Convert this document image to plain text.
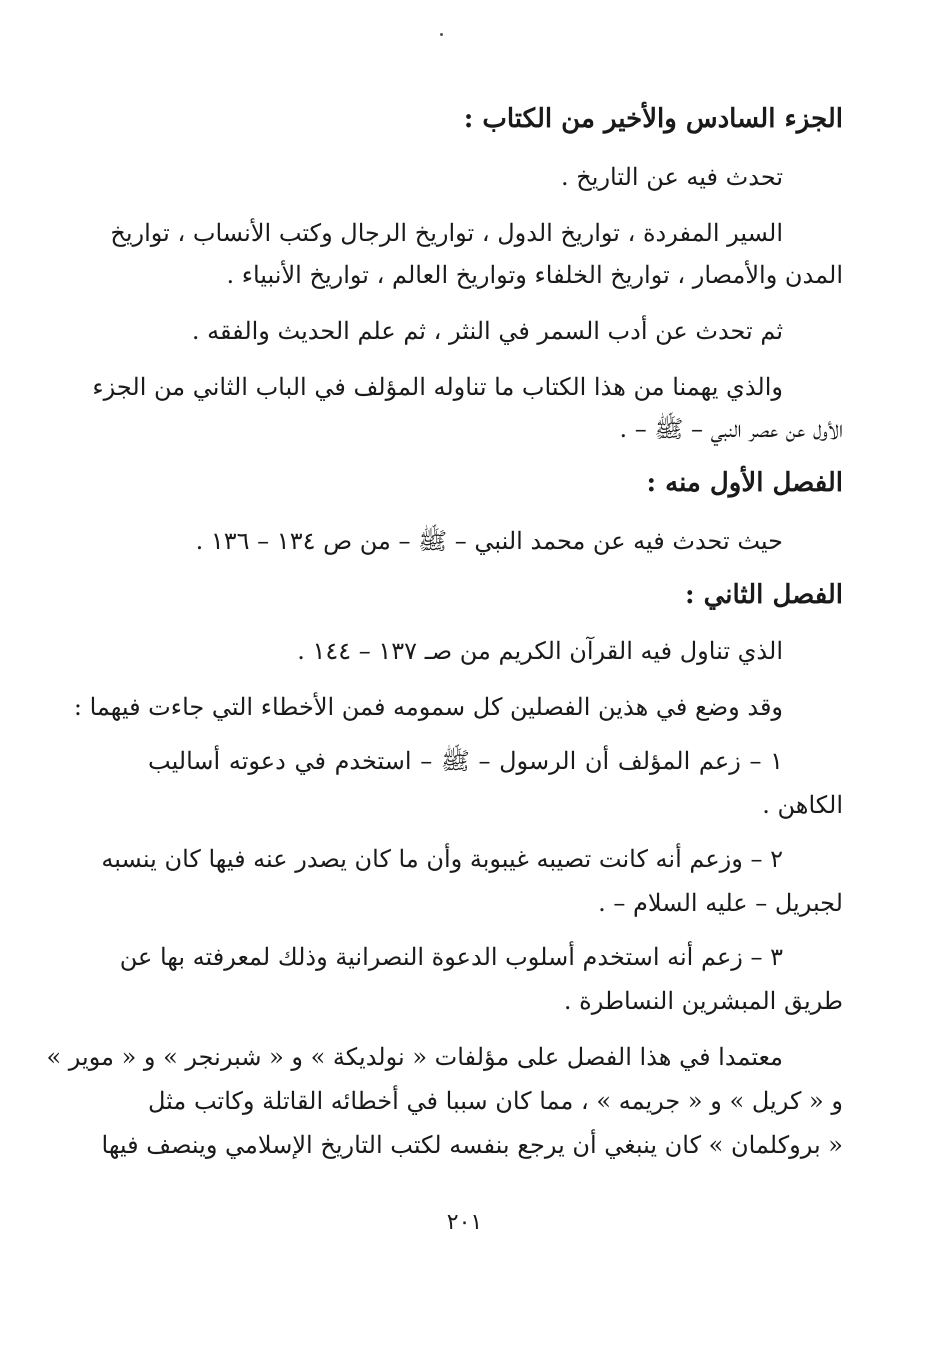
الجزء السادس والأخير من الكتاب :
تحدث فيه عن التاريخ .
السير المفردة ، تواريخ الدول ، تواريخ الرجال وكتب الأنساب ، تواريخ
المدن والأمصار ، تواريخ الخلفاء وتواريخ العالم ، تواريخ الأنبياء .
ثم تحدث عن أدب السمر في النثر ، ثم علم الحديث والفقه .
والذي يهمنا من هذا الكتاب ما تناوله المؤلف في الباب الثاني من الجزء
الأول عن عصر النبي – ﷺ – .
الفصل الأول منه :
حيث تحدث فيه عن محمد النبي – ﷺ – من ص ١٣٤ – ١٣٦ .
الفصل الثاني :
الذي تناول فيه القرآن الكريم من صـ ١٣٧ – ١٤٤ .
وقد وضع في هذين الفصلين كل سمومه فمن الأخطاء التي جاءت فيهما :
١ – زعم المؤلف أن الرسول – ﷺ – استخدم في دعوته أساليب
الكاهن .
٢ – وزعم أنه كانت تصيبه غيبوبة وأن ما كان يصدر عنه فيها كان ينسبه
لجبريل – عليه السلام – .
٣ – زعم أنه استخدم أسلوب الدعوة النصرانية وذلك لمعرفته بها عن
طريق المبشرين النساطرة .
معتمدا في هذا الفصل على مؤلفات « نولديكة » و « شبرنجر » و « موير »
و « كريل » و « جريمه » ، مما كان سببا في أخطائه القاتلة وكاتب مثل
« بروكلمان » كان ينبغي أن يرجع بنفسه لكتب التاريخ الإسلامي وينصف فيها
٢٠١
